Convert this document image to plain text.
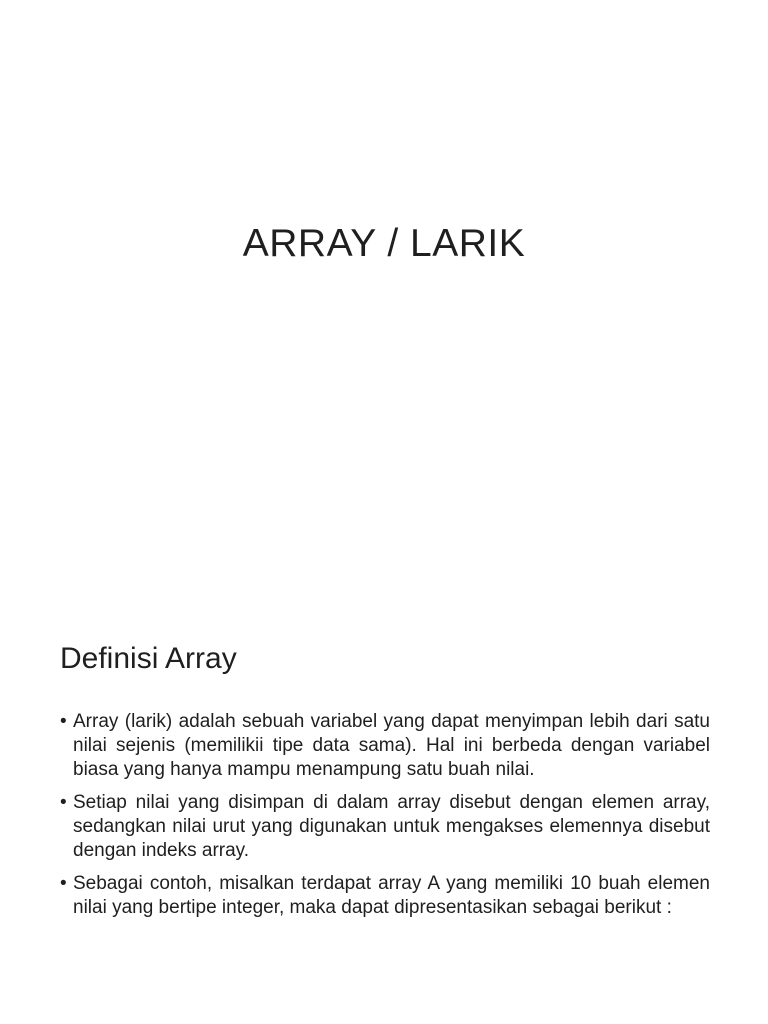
ARRAY / LARIK
Definisi Array
• Array (larik) adalah sebuah variabel yang dapat menyimpan lebih dari satu nilai sejenis (memilikii tipe data sama). Hal ini berbeda dengan variabel biasa yang hanya mampu menampung satu buah nilai.
• Setiap nilai yang disimpan di dalam array disebut dengan elemen array, sedangkan nilai urut yang digunakan untuk mengakses elemennya disebut dengan indeks array.
• Sebagai contoh, misalkan terdapat array A yang memiliki 10 buah elemen nilai yang bertipe integer, maka dapat dipresentasikan sebagai berikut :
